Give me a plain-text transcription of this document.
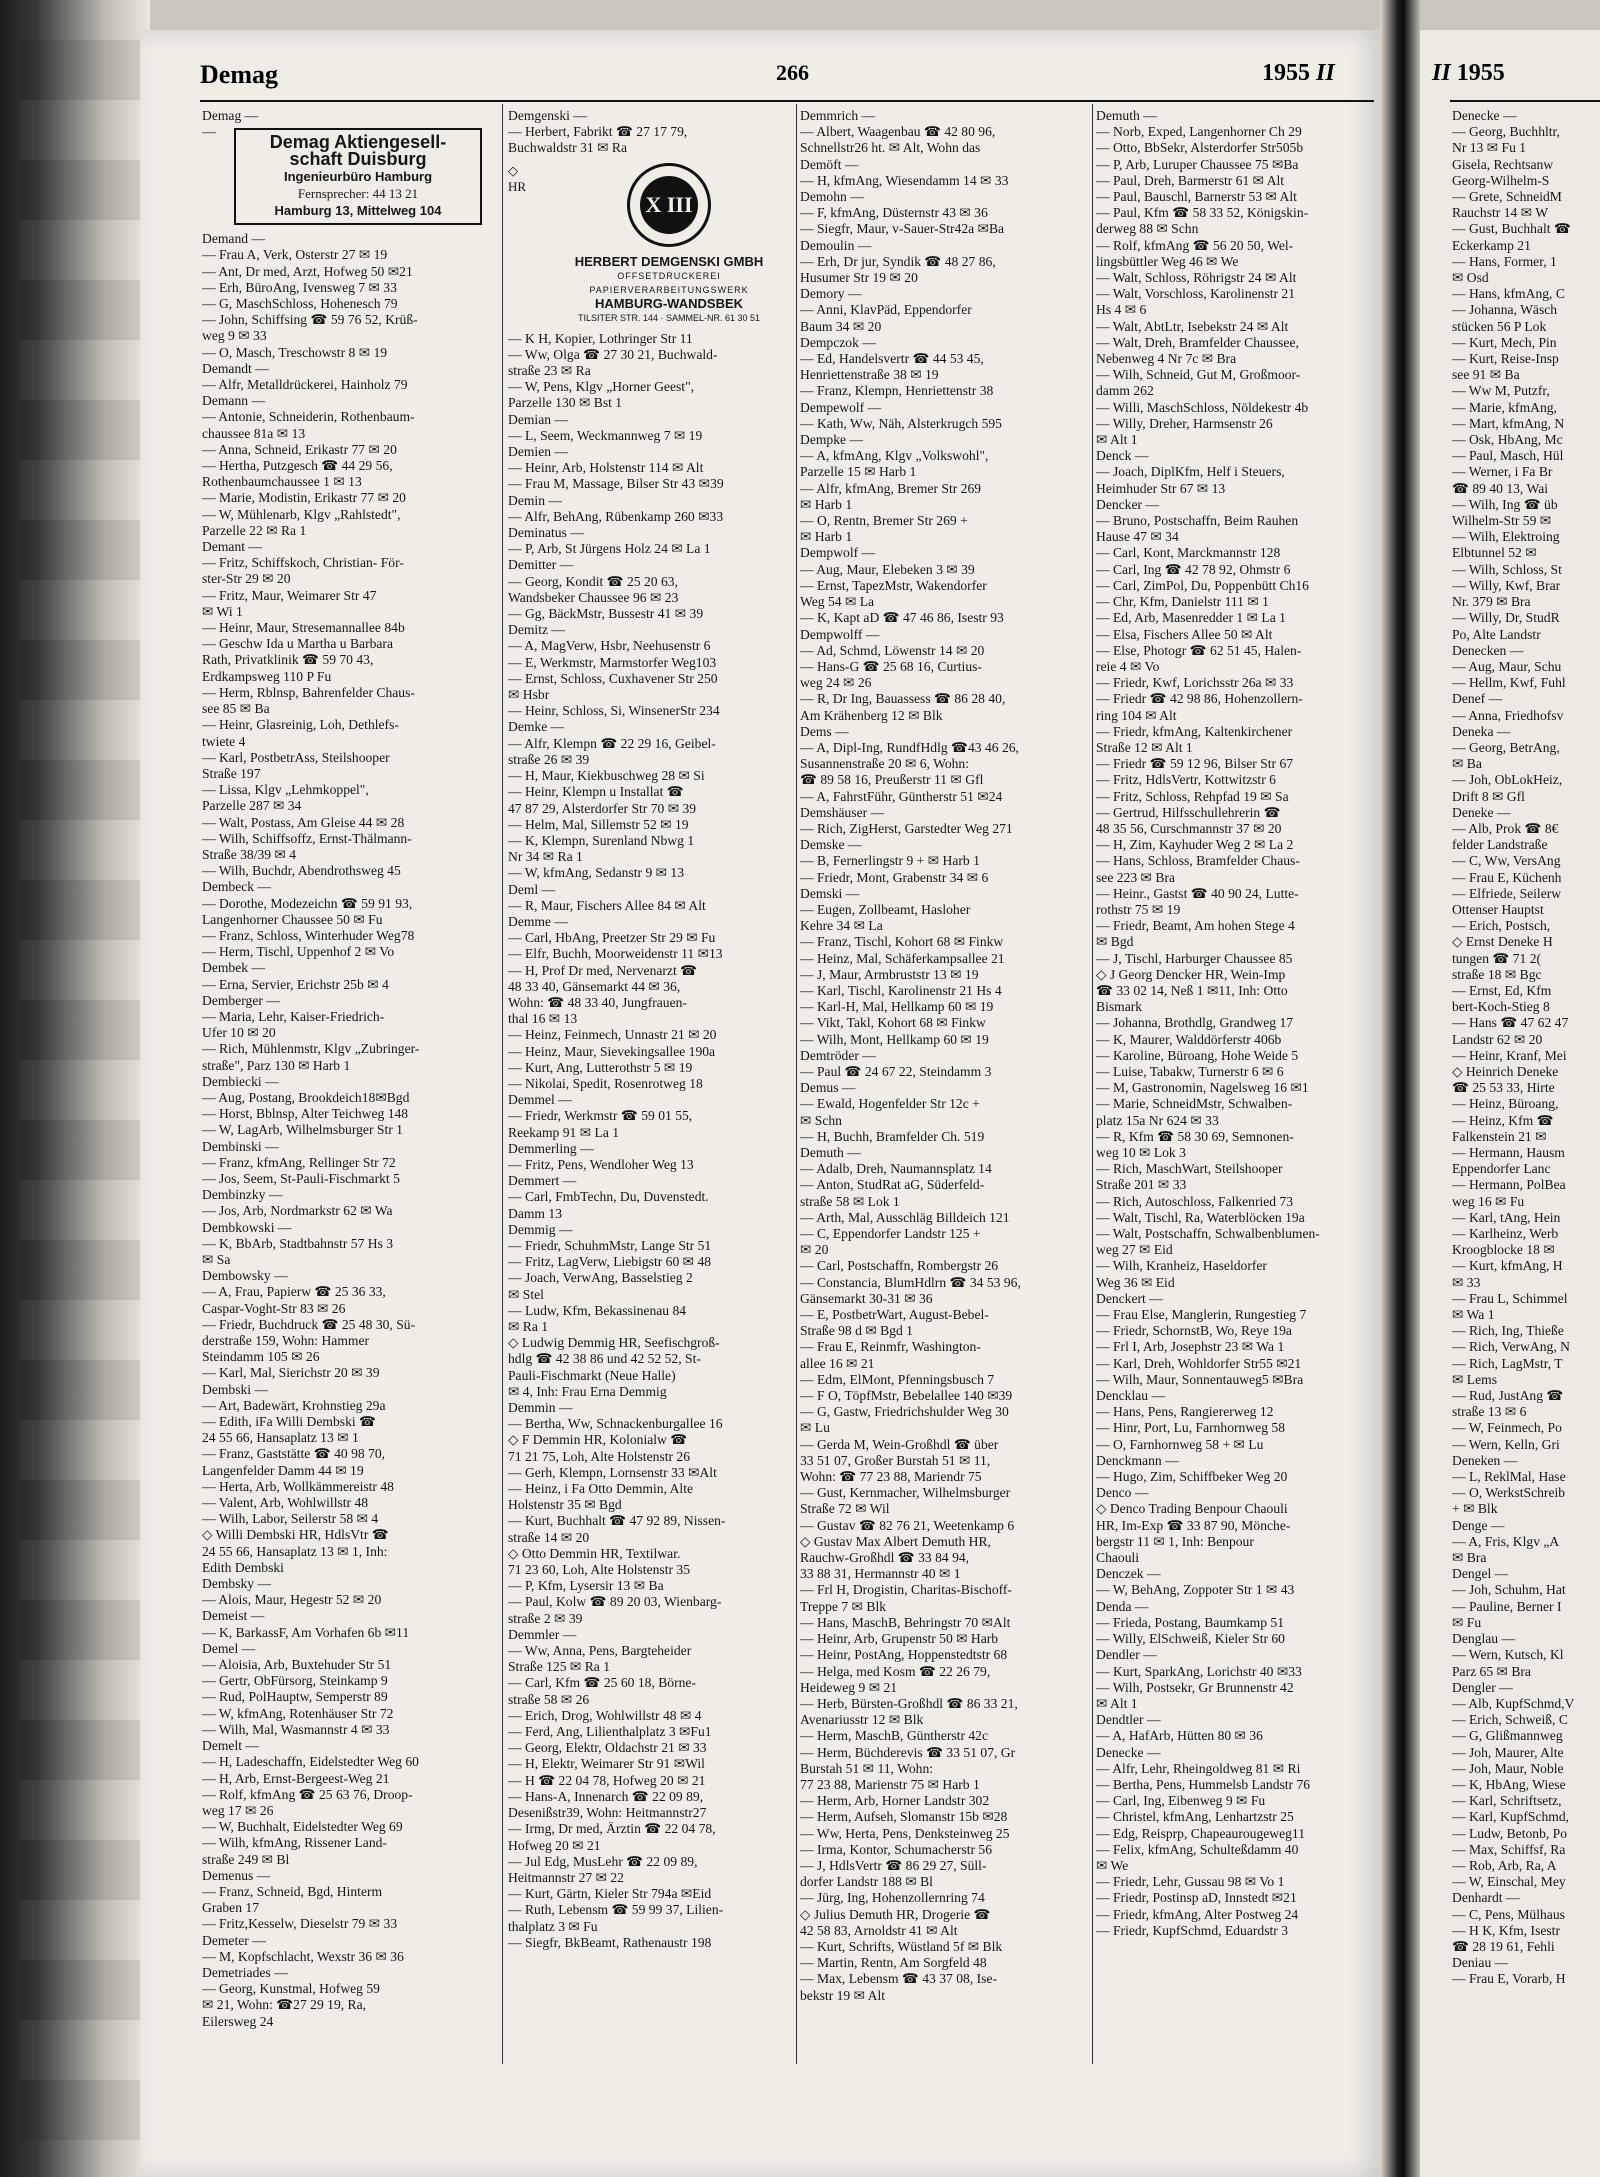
Demag	266	1955 II	II 1955
Demag —
—
Demag Aktiengesell-
schaft Duisburg
Ingenieurbüro Hamburg
Fernsprecher: 44 13 21
Hamburg 13, Mittelweg 104
Demand —
— Frau A, Verk, Osterstr 27 ✉ 19
— Ant, Dr med, Arzt, Hofweg 50 ✉21
— Erh, BüroAng, Ivensweg 7 ✉ 33
— G, MaschSchloss, Hohenesch 79
— John, Schiffsing ☎ 59 76 52, Krüß-
weg 9 ✉ 33
— O, Masch, Treschowstr 8 ✉ 19
Demandt —
— Alfr, Metalldrückerei, Hainholz 79
Demann —
— Antonie, Schneiderin, Rothenbaum-
chaussee 81a ✉ 13
— Anna, Schneid, Erikastr 77 ✉ 20
— Hertha, Putzgesch ☎ 44 29 56,
Rothenbaumchaussee 1 ✉ 13
— Marie, Modistin, Erikastr 77 ✉ 20
— W, Mühlenarb, Klgv „Rahlstedt",
Parzelle 22 ✉ Ra 1
Demant —
— Fritz, Schiffskoch, Christian- För-
ster-Str 29 ✉ 20
— Fritz, Maur, Weimarer Str 47
✉ Wi 1
— Heinr, Maur, Stresemannallee 84b
— Geschw Ida u Martha u Barbara
Rath, Privatklinik ☎ 59 70 43,
Erdkampsweg 110 P Fu
— Herm, Rblnsp, Bahrenfelder Chaus-
see 85 ✉ Ba
— Heinr, Glasreinig, Loh, Dethlefs-
twiete 4
— Karl, PostbetrAss, Steilshooper
Straße 197
— Lissa, Klgv „Lehmkoppel",
Parzelle 287 ✉ 34
— Walt, Postass, Am Gleise 44 ✉ 28
— Wilh, Schiffsoffz, Ernst-Thälmann-
Straße 38/39 ✉ 4
— Wilh, Buchdr, Abendrothsweg 45
Dembeck —
— Dorothe, Modezeichn ☎ 59 91 93,
Langenhorner Chaussee 50 ✉ Fu
— Franz, Schloss, Winterhuder Weg78
— Herm, Tischl, Uppenhof 2 ✉ Vo
Dembek —
— Erna, Servier, Erichstr 25b ✉ 4
Demberger —
— Maria, Lehr, Kaiser-Friedrich-
Ufer 10 ✉ 20
— Rich, Mühlenmstr, Klgv „Zubringer-
straße", Parz 130 ✉ Harb 1
Dembiecki —
— Aug, Postang, Brookdeich18✉Bgd
— Horst, Bblnsp, Alter Teichweg 148
— W, LagArb, Wilhelmsburger Str 1
Dembinski —
— Franz, kfmAng, Rellinger Str 72
— Jos, Seem, St-Pauli-Fischmarkt 5
Dembinzky —
— Jos, Arb, Nordmarkstr 62 ✉ Wa
Dembkowski —
— K, BbArb, Stadtbahnstr 57 Hs 3
✉ Sa
Dembowsky —
— A, Frau, Papierw ☎ 25 36 33,
Caspar-Voght-Str 83 ✉ 26
— Friedr, Buchdruck ☎ 25 48 30, Sü-
derstraße 159, Wohn: Hammer
Steindamm 105 ✉ 26
— Karl, Mal, Sierichstr 20 ✉ 39
Dembski —
— Art, Badewärt, Krohnstieg 29a
— Edith, iFa Willi Dembski ☎
24 55 66, Hansaplatz 13 ✉ 1
— Franz, Gaststätte ☎ 40 98 70,
Langenfelder Damm 44 ✉ 19
— Herta, Arb, Wollkämmereistr 48
— Valent, Arb, Wohlwillstr 48
— Wilh, Labor, Seilerstr 58 ✉ 4
◇ Willi Dembski HR, HdlsVtr ☎
24 55 66, Hansaplatz 13 ✉ 1, Inh:
Edith Dembski
Dembsky —
— Alois, Maur, Hegestr 52 ✉ 20
Demeist —
— K, BarkassF, Am Vorhafen 6b ✉11
Demel —
— Aloisia, Arb, Buxtehuder Str 51
— Gertr, ObFürsorg, Steinkamp 9
— Rud, PolHauptw, Semperstr 89
— W, kfmAng, Rotenhäuser Str 72
— Wilh, Mal, Wasmannstr 4 ✉ 33
Demelt —
— H, Ladeschaffn, Eidelstedter Weg 60
— H, Arb, Ernst-Bergeest-Weg 21
— Rolf, kfmAng ☎ 25 63 76, Droop-
weg 17 ✉ 26
— W, Buchhalt, Eidelstedter Weg 69
— Wilh, kfmAng, Rissener Land-
straße 249 ✉ Bl
Demenus —
— Franz, Schneid, Bgd, Hinterm
Graben 17
— Fritz,Kesselw, Dieselstr 79 ✉ 33
Demeter —
— M, Kopfschlacht, Wexstr 36 ✉ 36
Demetriades —
— Georg, Kunstmal, Hofweg 59
✉ 21, Wohn: ☎27 29 19, Ra,
Eilersweg 24
Demgenski —
— Herbert, Fabrikt ☎ 27 17 79,
Buchwaldstr 31 ✉ Ra
◇
HR
X III
HERBERT DEMGENSKI GMBH
OFFSETDRUCKEREI
PAPIERVERARBEITUNGSWERK
HAMBURG-WANDSBEK
TILSITER STR. 144 · SAMMEL-NR. 61 30 51
— K H, Kopier, Lothringer Str 11
— Ww, Olga ☎ 27 30 21, Buchwald-
straße 23 ✉ Ra
— W, Pens, Klgv „Horner Geest",
Parzelle 130 ✉ Bst 1
Demian —
— L, Seem, Weckmannweg 7 ✉ 19
Demien —
— Heinr, Arb, Holstenstr 114 ✉ Alt
— Frau M, Massage, Bilser Str 43 ✉39
Demin —
— Alfr, BehAng, Rübenkamp 260 ✉33
Deminatus —
— P, Arb, St Jürgens Holz 24 ✉ La 1
Demitter —
— Georg, Kondit ☎ 25 20 63,
Wandsbeker Chaussee 96 ✉ 23
— Gg, BäckMstr, Bussestr 41 ✉ 39
Demitz —
— A, MagVerw, Hsbr, Neehusenstr 6
— E, Werkmstr, Marmstorfer Weg103
— Ernst, Schloss, Cuxhavener Str 250
✉ Hsbr
— Heinr, Schloss, Si, WinsenerStr 234
Demke —
— Alfr, Klempn ☎ 22 29 16, Geibel-
straße 26 ✉ 39
— H, Maur, Kiekbuschweg 28 ✉ Si
— Heinr, Klempn u Installat ☎
47 87 29, Alsterdorfer Str 70 ✉ 39
— Helm, Mal, Sillemstr 52 ✉ 19
— K, Klempn, Surenland Nbwg 1
Nr 34 ✉ Ra 1
— W, kfmAng, Sedanstr 9 ✉ 13
Deml —
— R, Maur, Fischers Allee 84 ✉ Alt
Demme —
— Carl, HbAng, Preetzer Str 29 ✉ Fu
— Elfr, Buchh, Moorweidenstr 11 ✉13
— H, Prof Dr med, Nervenarzt ☎
48 33 40, Gänsemarkt 44 ✉ 36,
Wohn: ☎ 48 33 40, Jungfrauen-
thal 16 ✉ 13
— Heinz, Feinmech, Unnastr 21 ✉ 20
— Heinz, Maur, Sievekingsallee 190a
— Kurt, Ang, Lutterothstr 5 ✉ 19
— Nikolai, Spedit, Rosenrotweg 18
Demmel —
— Friedr, Werkmstr ☎ 59 01 55,
Reekamp 91 ✉ La 1
Demmerling —
— Fritz, Pens, Wendloher Weg 13
Demmert —
— Carl, FmbTechn, Du, Duvenstedt.
Damm 13
Demmig —
— Friedr, SchuhmMstr, Lange Str 51
— Fritz, LagVerw, Liebigstr 60 ✉ 48
— Joach, VerwAng, Basselstieg 2
✉ Stel
— Ludw, Kfm, Bekassinenau 84
✉ Ra 1
◇ Ludwig Demmig HR, Seefischgroß-
hdlg ☎ 42 38 86 und 42 52 52, St-
Pauli-Fischmarkt (Neue Halle)
✉ 4, Inh: Frau Erna Demmig
Demmin —
— Bertha, Ww, Schnackenburgallee 16
◇ F Demmin HR, Kolonialw ☎
71 21 75, Loh, Alte Holstenstr 26
— Gerh, Klempn, Lornsenstr 33 ✉Alt
— Heinz, i Fa Otto Demmin, Alte
Holstenstr 35 ✉ Bgd
— Kurt, Buchhalt ☎ 47 92 89, Nissen-
straße 14 ✉ 20
◇ Otto Demmin HR, Textilwar.
71 23 60, Loh, Alte Holstenstr 35
— P, Kfm, Lysersir 13 ✉ Ba
— Paul, Kolw ☎ 89 20 03, Wienbarg-
straße 2 ✉ 39
Demmler —
— Ww, Anna, Pens, Bargteheider
Straße 125 ✉ Ra 1
— Carl, Kfm ☎ 25 60 18, Börne-
straße 58 ✉ 26
— Erich, Drog, Wohlwillstr 48 ✉ 4
— Ferd, Ang, Lilienthalplatz 3 ✉Fu1
— Georg, Elektr, Oldachstr 21 ✉ 33
— H, Elektr, Weimarer Str 91 ✉Wil
— H ☎ 22 04 78, Hofweg 20 ✉ 21
— Hans-A, Innenarch ☎ 22 09 89,
Desenißstr39, Wohn: Heitmannstr27
— Irmg, Dr med, Ärztin ☎ 22 04 78,
Hofweg 20 ✉ 21
— Jul Edg, MusLehr ☎ 22 09 89,
Heitmannstr 27 ✉ 22
— Kurt, Gärtn, Kieler Str 794a ✉Eid
— Ruth, Lebensm ☎ 59 99 37, Lilien-
thalplatz 3 ✉ Fu
— Siegfr, BkBeamt, Rathenaustr 198
Demmrich —
— Albert, Waagenbau ☎ 42 80 96,
Schnellstr26 ht. ✉ Alt, Wohn das
Demöft —
— H, kfmAng, Wiesendamm 14 ✉ 33
Demohn —
— F, kfmAng, Düsternstr 43 ✉ 36
— Siegfr, Maur, v-Sauer-Str42a ✉Ba
Demoulin —
— Erh, Dr jur, Syndik ☎ 48 27 86,
Husumer Str 19 ✉ 20
Demory —
— Anni, KlavPäd, Eppendorfer
Baum 34 ✉ 20
Dempczok —
— Ed, Handelsvertr ☎ 44 53 45,
Henriettenstraße 38 ✉ 19
— Franz, Klempn, Henriettenstr 38
Dempewolf —
— Kath, Ww, Näh, Alsterkrugch 595
Dempke —
— A, kfmAng, Klgv „Volkswohl",
Parzelle 15 ✉ Harb 1
— Alfr, kfmAng, Bremer Str 269
✉ Harb 1
— O, Rentn, Bremer Str 269 +
✉ Harb 1
Dempwolf —
— Aug, Maur, Elebeken 3 ✉ 39
— Ernst, TapezMstr, Wakendorfer
Weg 54 ✉ La
— K, Kapt aD ☎ 47 46 86, Isestr 93
Dempwolff —
— Ad, Schmd, Löwenstr 14 ✉ 20
— Hans-G ☎ 25 68 16, Curtius-
weg 24 ✉ 26
— R, Dr Ing, Bauassess ☎ 86 28 40,
Am Krähenberg 12 ✉ Blk
Dems —
— A, Dipl-Ing, RundfHdlg ☎43 46 26,
Susannenstraße 20 ✉ 6, Wohn:
☎ 89 58 16, Preußerstr 11 ✉ Gfl
— A, FahrstFühr, Güntherstr 51 ✉24
Demshäuser —
— Rich, ZigHerst, Garstedter Weg 271
Demske —
— B, Fernerlingstr 9 + ✉ Harb 1
— Friedr, Mont, Grabenstr 34 ✉ 6
Demski —
— Eugen, Zollbeamt, Hasloher
Kehre 34 ✉ La
— Franz, Tischl, Kohort 68 ✉ Finkw
— Heinz, Mal, Schäferkampsallee 21
— J, Maur, Armbruststr 13 ✉ 19
— Karl, Tischl, Karolinenstr 21 Hs 4
— Karl-H, Mal, Hellkamp 60 ✉ 19
— Vikt, Takl, Kohort 68 ✉ Finkw
— Wilh, Mont, Hellkamp 60 ✉ 19
Demtröder —
— Paul ☎ 24 67 22, Steindamm 3
Demus —
— Ewald, Hogenfelder Str 12c +
✉ Schn
— H, Buchh, Bramfelder Ch. 519
Demuth —
— Adalb, Dreh, Naumannsplatz 14
— Anton, StudRat aG, Süderfeld-
straße 58 ✉ Lok 1
— Arth, Mal, Ausschläg Billdeich 121
— C, Eppendorfer Landstr 125 +
✉ 20
— Carl, Postschaffn, Rombergstr 26
— Constancia, BlumHdlrn ☎ 34 53 96,
Gänsemarkt 30-31 ✉ 36
— E, PostbetrWart, August-Bebel-
Straße 98 d ✉ Bgd 1
— Frau E, Reinmfr, Washington-
allee 16 ✉ 21
— Edm, ElMont, Pfenningsbusch 7
— F O, TöpfMstr, Bebelallee 140 ✉39
— G, Gastw, Friedrichshulder Weg 30
✉ Lu
— Gerda M, Wein-Großhdl ☎ über
33 51 07, Großer Burstah 51 ✉ 11,
Wohn: ☎ 77 23 88, Mariendr 75
— Gust, Kernmacher, Wilhelmsburger
Straße 72 ✉ Wil
— Gustav ☎ 82 76 21, Weetenkamp 6
◇ Gustav Max Albert Demuth HR,
Rauchw-Großhdl ☎ 33 84 94,
33 88 31, Hermannstr 40 ✉ 1
— Frl H, Drogistin, Charitas-Bischoff-
Treppe 7 ✉ Blk
— Hans, MaschB, Behringstr 70 ✉Alt
— Heinr, Arb, Grupenstr 50 ✉ Harb
— Heinr, PostAng, Hoppenstedtstr 68
— Helga, med Kosm ☎ 22 26 79,
Heideweg 9 ✉ 21
— Herb, Bürsten-Großhdl ☎ 86 33 21,
Avenariusstr 12 ✉ Blk
— Herm, MaschB, Güntherstr 42c
— Herm, Büchderevis ☎ 33 51 07, Gr
Burstah 51 ✉ 11, Wohn:
77 23 88, Marienstr 75 ✉ Harb 1
— Herm, Arb, Horner Landstr 302
— Herm, Aufseh, Slomanstr 15b ✉28
— Ww, Herta, Pens, Denksteinweg 25
— Irma, Kontor, Schumacherstr 56
— J, HdlsVertr ☎ 86 29 27, Süll-
dorfer Landstr 188 ✉ Bl
— Jürg, Ing, Hohenzollernring 74
◇ Julius Demuth HR, Drogerie ☎
42 58 83, Arnoldstr 41 ✉ Alt
— Kurt, Schrifts, Wüstland 5f ✉ Blk
— Martin, Rentn, Am Sorgfeld 48
— Max, Lebensm ☎ 43 37 08, Ise-
bekstr 19 ✉ Alt
Demuth —
— Norb, Exped, Langenhorner Ch 29
— Otto, BbSekr, Alsterdorfer Str505b
— P, Arb, Luruper Chaussee 75 ✉Ba
— Paul, Dreh, Barmerstr 61 ✉ Alt
— Paul, Bauschl, Barnerstr 53 ✉ Alt
— Paul, Kfm ☎ 58 33 52, Königskin-
derweg 88 ✉ Schn
— Rolf, kfmAng ☎ 56 20 50, Wel-
lingsbüttler Weg 46 ✉ We
— Walt, Schloss, Röhrigstr 24 ✉ Alt
— Walt, Vorschloss, Karolinenstr 21
Hs 4 ✉ 6
— Walt, AbtLtr, Isebekstr 24 ✉ Alt
— Walt, Dreh, Bramfelder Chaussee,
Nebenweg 4 Nr 7c ✉ Bra
— Wilh, Schneid, Gut M, Großmoor-
damm 262
— Willi, MaschSchloss, Nöldekestr 4b
— Willy, Dreher, Harmsenstr 26
✉ Alt 1
Denck —
— Joach, DiplKfm, Helf i Steuers,
Heimhuder Str 67 ✉ 13
Dencker —
— Bruno, Postschaffn, Beim Rauhen
Hause 47 ✉ 34
— Carl, Kont, Marckmannstr 128
— Carl, Ing ☎ 42 78 92, Ohmstr 6
— Carl, ZimPol, Du, Poppenbütt Ch16
— Chr, Kfm, Danielstr 111 ✉ 1
— Ed, Arb, Masenredder 1 ✉ La 1
— Elsa, Fischers Allee 50 ✉ Alt
— Else, Photogr ☎ 62 51 45, Halen-
reie 4 ✉ Vo
— Friedr, Kwf, Lorichsstr 26a ✉ 33
— Friedr ☎ 42 98 86, Hohenzollern-
ring 104 ✉ Alt
— Friedr, kfmAng, Kaltenkirchener
Straße 12 ✉ Alt 1
— Friedr ☎ 59 12 96, Bilser Str 67
— Fritz, HdlsVertr, Kottwitzstr 6
— Fritz, Schloss, Rehpfad 19 ✉ Sa
— Gertrud, Hilfsschullehrerin ☎
48 35 56, Curschmannstr 37 ✉ 20
— H, Zim, Kayhuder Weg 2 ✉ La 2
— Hans, Schloss, Bramfelder Chaus-
see 223 ✉ Bra
— Heinr., Gastst ☎ 40 90 24, Lutte-
rothstr 75 ✉ 19
— Friedr, Beamt, Am hohen Stege 4
✉ Bgd
— J, Tischl, Harburger Chaussee 85
◇ J Georg Dencker HR, Wein-Imp
☎ 33 02 14, Neß 1 ✉11, Inh: Otto
Bismark
— Johanna, Brothdlg, Grandweg 17
— K, Maurer, Walddörferstr 406b
— Karoline, Büroang, Hohe Weide 5
— Luise, Tabakw, Turnerstr 6 ✉ 6
— M, Gastronomin, Nagelsweg 16 ✉1
— Marie, SchneidMstr, Schwalben-
platz 15a Nr 624 ✉ 33
— R, Kfm ☎ 58 30 69, Semnonen-
weg 10 ✉ Lok 3
— Rich, MaschWart, Steilshooper
Straße 201 ✉ 33
— Rich, Autoschloss, Falkenried 73
— Walt, Tischl, Ra, Waterblöcken 19a
— Walt, Postschaffn, Schwalbenblumen-
weg 27 ✉ Eid
— Wilh, Kranheiz, Haseldorfer
Weg 36 ✉ Eid
Denckert —
— Frau Else, Manglerin, Rungestieg 7
— Friedr, SchornstB, Wo, Reye 19a
— Frl I, Arb, Josephstr 23 ✉ Wa 1
— Karl, Dreh, Wohldorfer Str55 ✉21
— Wilh, Maur, Sonnentauweg5 ✉Bra
Dencklau —
— Hans, Pens, Rangiererweg 12
— Hinr, Port, Lu, Farnhornweg 58
— O, Farnhornweg 58 + ✉ Lu
Denckmann —
— Hugo, Zim, Schiffbeker Weg 20
Denco —
◇ Denco Trading Benpour Chaouli
HR, Im-Exp ☎ 33 87 90, Mönche-
bergstr 11 ✉ 1, Inh: Benpour
Chaouli
Denczek —
— W, BehAng, Zoppoter Str 1 ✉ 43
Denda —
— Frieda, Postang, Baumkamp 51
— Willy, ElSchweiß, Kieler Str 60
Dendler —
— Kurt, SparkAng, Lorichstr 40 ✉33
— Wilh, Postsekr, Gr Brunnenstr 42
✉ Alt 1
Dendtler —
— A, HafArb, Hütten 80 ✉ 36
Denecke —
— Alfr, Lehr, Rheingoldweg 81 ✉ Ri
— Bertha, Pens, Hummelsb Landstr 76
— Carl, Ing, Eibenweg 9 ✉ Fu
— Christel, kfmAng, Lenhartzstr 25
— Edg, Reisprp, Chapeaurougeweg11
— Felix, kfmAng, Schulteßdamm 40
✉ We
— Friedr, Lehr, Gussau 98 ✉ Vo 1
— Friedr, Postinsp aD, Innstedt ✉21
— Friedr, kfmAng, Alter Postweg 24
— Friedr, KupfSchmd, Eduardstr 3
Denecke —
— Georg, Buchhltr,
Nr 13 ✉ Fu 1
Gisela, Rechtsanw
Georg-Wilhelm-S
— Grete, SchneidM
Rauchstr 14 ✉ W
— Gust, Buchhalt ☎
Eckerkamp 21
— Hans, Former, 1
✉ Osd
— Hans, kfmAng, C
— Johanna, Wäsch
stücken 56 P Lok
— Kurt, Mech, Pin
— Kurt, Reise-Insp
see 91 ✉ Ba
— Ww M, Putzfr,
— Marie, kfmAng,
— Mart, kfmAng, N
— Osk, HbAng, Mc
— Paul, Masch, Hül
— Werner, i Fa Br
☎ 89 40 13, Wai
— Wilh, Ing ☎ üb
Wilhelm-Str 59 ✉
— Wilh, Elektroing
Elbtunnel 52 ✉
— Wilh, Schloss, St
— Willy, Kwf, Brar
Nr. 379 ✉ Bra
— Willy, Dr, StudR
Po, Alte Landstr
Denecken —
— Aug, Maur, Schu
— Hellm, Kwf, Fuhl
Denef —
— Anna, Friedhofsv
Deneka —
— Georg, BetrAng,
✉ Ba
— Joh, ObLokHeiz,
Drift 8 ✉ Gfl
Deneke —
— Alb, Prok ☎ 8€
felder Landstraße
— C, Ww, VersAng
— Frau E, Küchenh
— Elfriede, Seilerw
Ottenser Hauptst
— Erich, Postsch,
◇ Ernst Deneke H
tungen ☎ 71 2(
straße 18 ✉ Bgc
— Ernst, Ed, Kfm
bert-Koch-Stieg 8
— Hans ☎ 47 62 47
Landstr 62 ✉ 20
— Heinr, Kranf, Mei
◇ Heinrich Deneke
☎ 25 53 33, Hirte
— Heinz, Büroang,
— Heinz, Kfm ☎
Falkenstein 21 ✉
— Hermann, Hausm
Eppendorfer Lanc
— Hermann, PolBea
weg 16 ✉ Fu
— Karl, tAng, Hein
— Karlheinz, Werb
Kroogblocke 18 ✉
— Kurt, kfmAng, H
✉ 33
— Frau L, Schimmel
✉ Wa 1
— Rich, Ing, Thieße
— Rich, VerwAng, N
— Rich, LagMstr, T
✉ Lems
— Rud, JustAng ☎
straße 13 ✉ 6
— W, Feinmech, Po
— Wern, Kelln, Gri
Deneken —
— L, ReklMal, Hase
— O, WerkstSchreib
+ ✉ Blk
Denge —
— A, Fris, Klgv „A
✉ Bra
Dengel —
— Joh, Schuhm, Hat
— Pauline, Berner I
✉ Fu
Denglau —
— Wern, Kutsch, Kl
Parz 65 ✉ Bra
Dengler —
— Alb, KupfSchmd,V
— Erich, Schweiß, C
— G, Glißmannweg
— Joh, Maurer, Alte
— Joh, Maur, Noble
— K, HbAng, Wiese
— Karl, Schriftsetz,
— Karl, KupfSchmd,
— Ludw, Betonb, Po
— Max, Schiffsf, Ra
— Rob, Arb, Ra, A
— W, Einschal, Mey
Denhardt —
— C, Pens, Mülhaus
— H K, Kfm, Isestr
☎ 28 19 61, Fehli
Deniau —
— Frau E, Vorarb, H
